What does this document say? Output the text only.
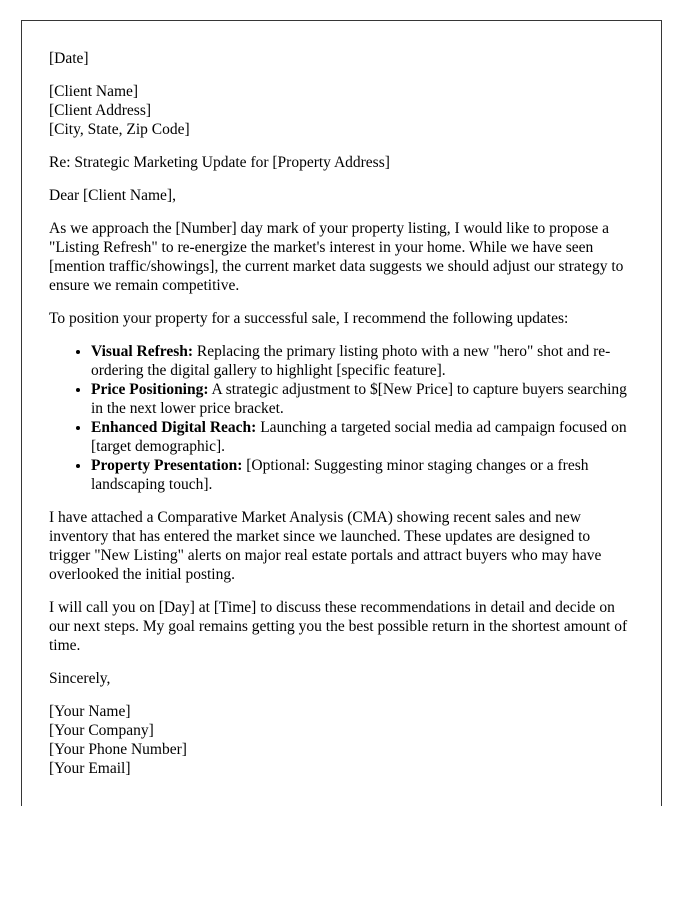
[Date]

[Client Name]
[Client Address]
[City, State, Zip Code]

Re: Strategic Marketing Update for [Property Address]

Dear [Client Name],

As we approach the [Number] day mark of your property listing, I would like to propose a "Listing Refresh" to re-energize the market's interest in your home. While we have seen [mention traffic/showings], the current market data suggests we should adjust our strategy to ensure we remain competitive.

To position your property for a successful sale, I recommend the following updates:

• Visual Refresh: Replacing the primary listing photo with a new "hero" shot and re-ordering the digital gallery to highlight [specific feature].
• Price Positioning: A strategic adjustment to $[New Price] to capture buyers searching in the next lower price bracket.
• Enhanced Digital Reach: Launching a targeted social media ad campaign focused on [target demographic].
• Property Presentation: [Optional: Suggesting minor staging changes or a fresh landscaping touch].

I have attached a Comparative Market Analysis (CMA) showing recent sales and new inventory that has entered the market since we launched. These updates are designed to trigger "New Listing" alerts on major real estate portals and attract buyers who may have overlooked the initial posting.

I will call you on [Day] at [Time] to discuss these recommendations in detail and decide on our next steps. My goal remains getting you the best possible return in the shortest amount of time.

Sincerely,

[Your Name]
[Your Company]
[Your Phone Number]
[Your Email]
